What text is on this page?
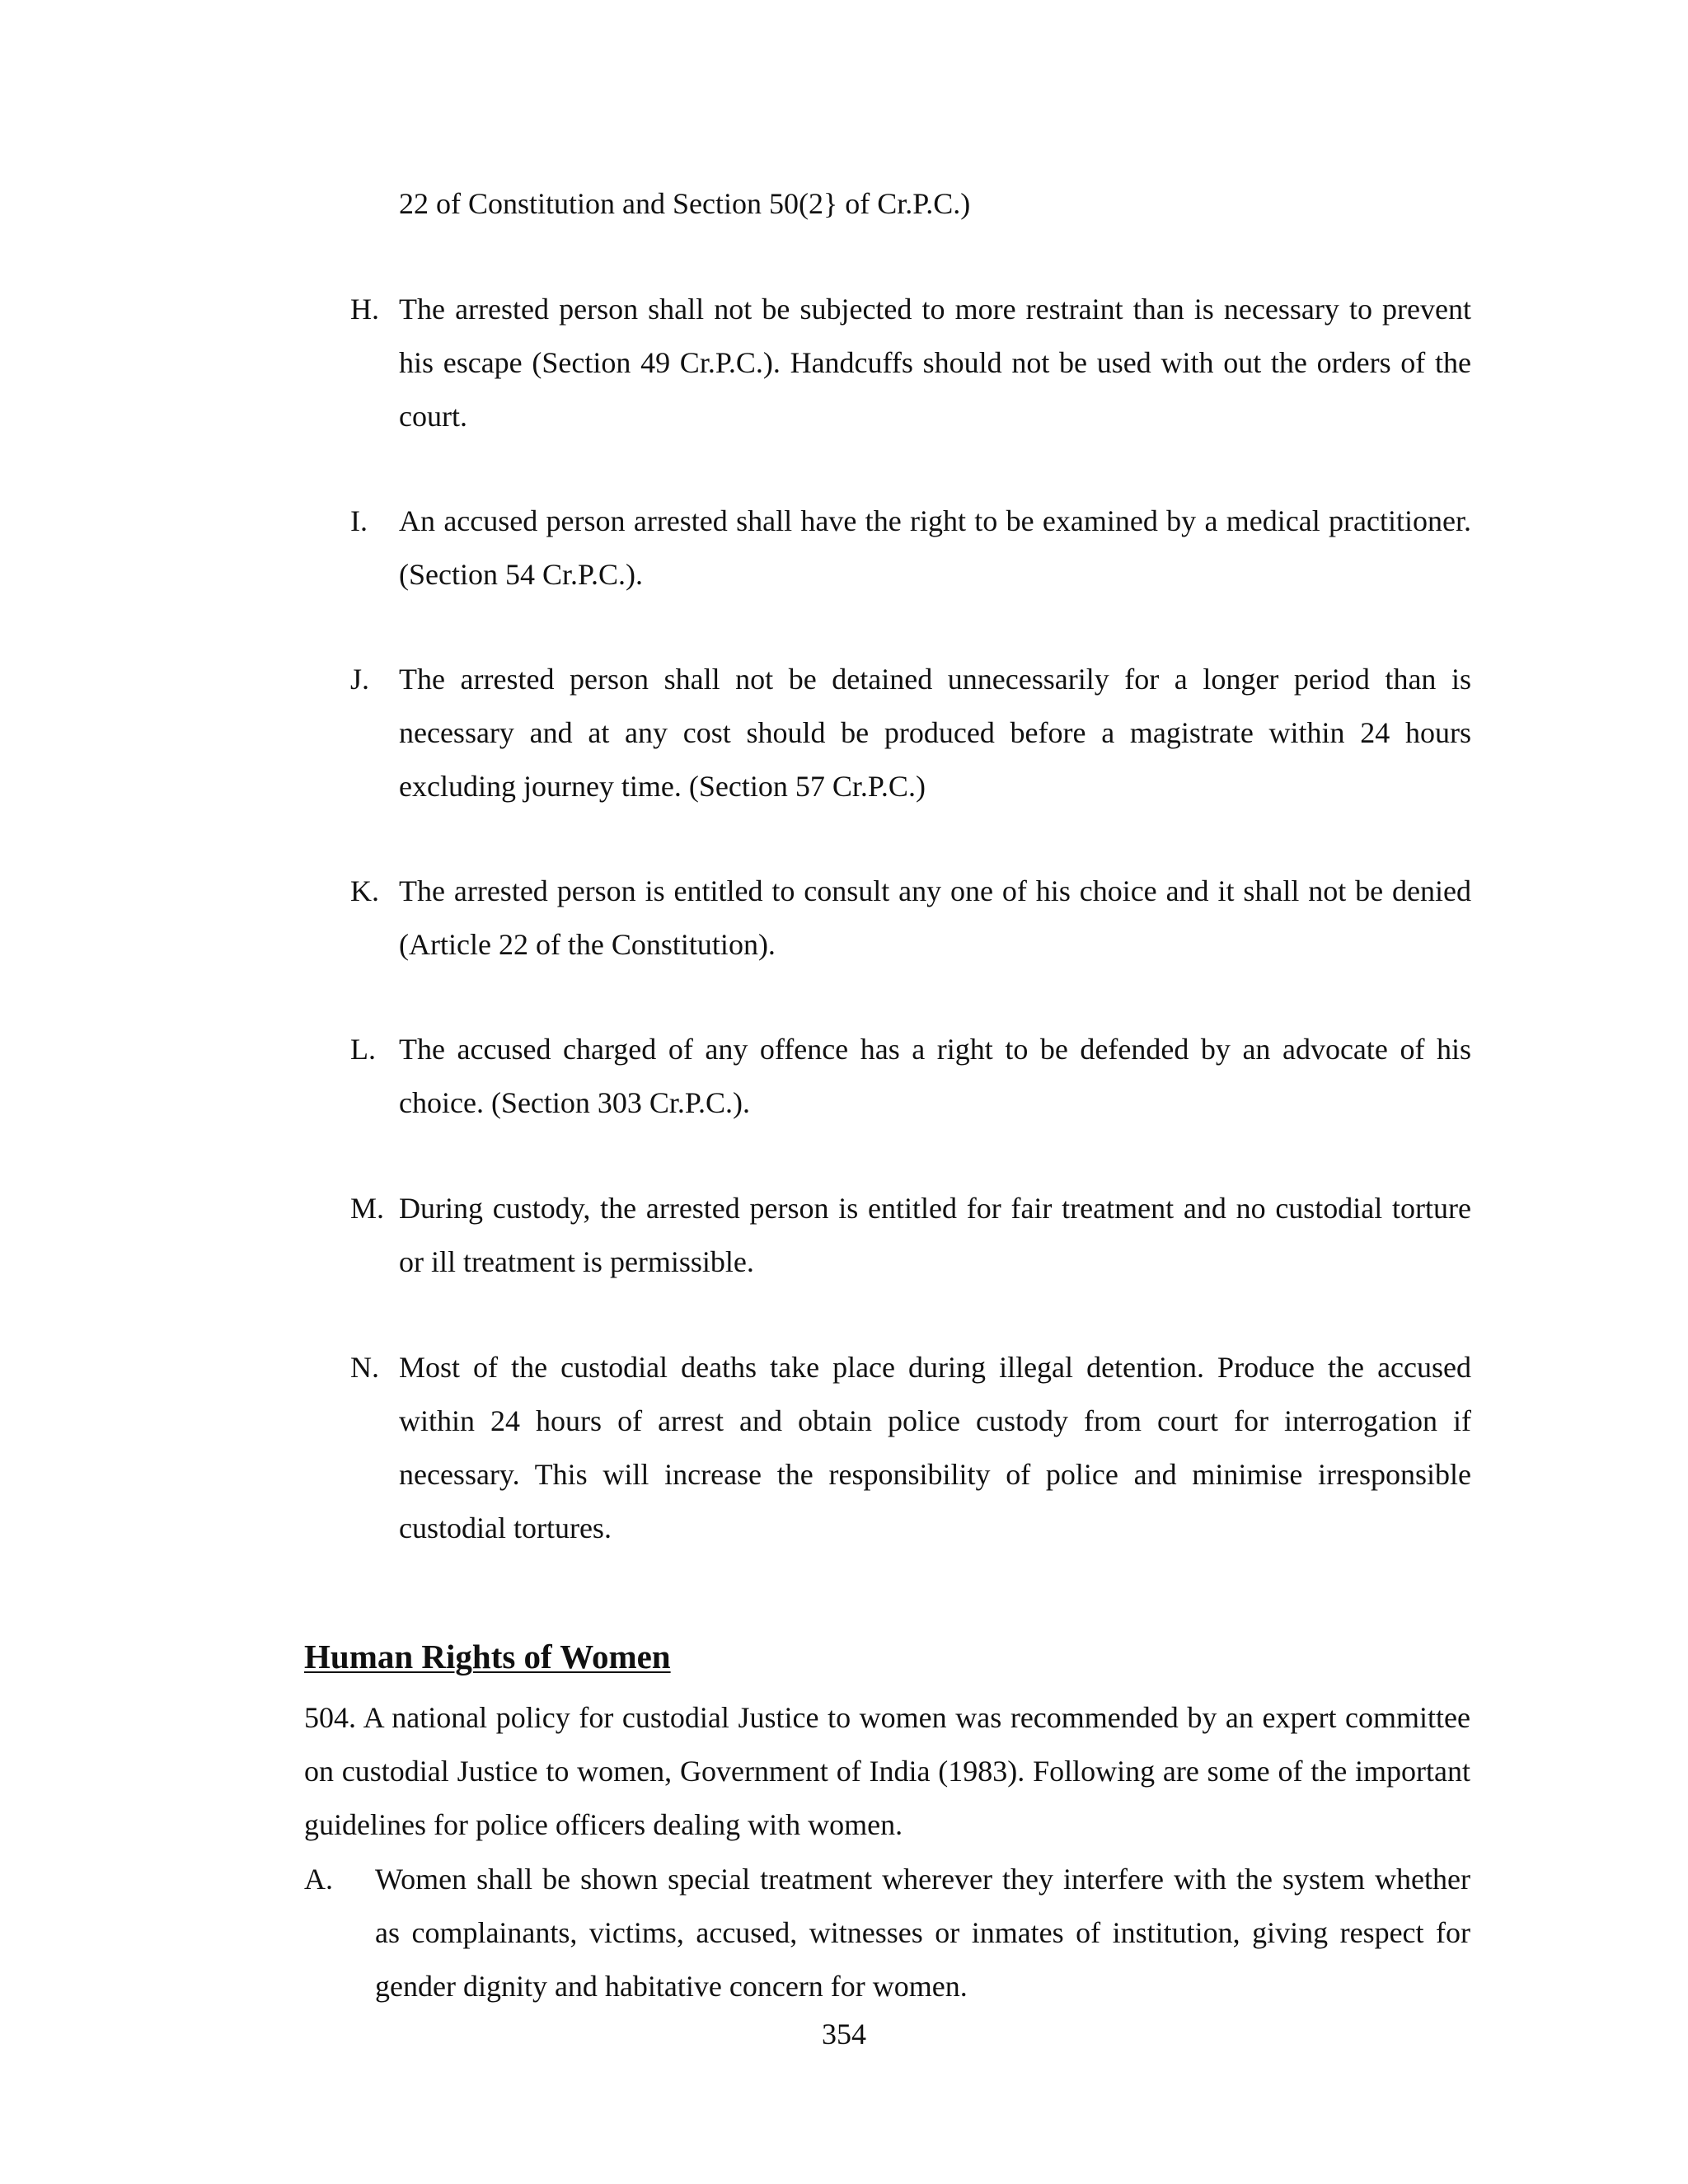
22 of Constitution and Section 50(2} of Cr.P.C.)
H. The arrested person shall not be subjected to more restraint than is necessary to prevent his escape (Section 49 Cr.P.C.). Handcuffs should not be used with out the orders of the court.
I.	An accused person arrested shall have the right to be examined by a medical practitioner. (Section 54 Cr.P.C.).
J. The arrested person shall not be detained unnecessarily for a longer period than is necessary and at any cost should be produced before a magistrate within 24 hours excluding journey time. (Section 57 Cr.P.C.)
K. The arrested person is entitled to consult any one of his choice and it shall not be denied (Article 22 of the Constitution).
L. The accused charged of any offence has a right to be defended by an advocate of his choice. (Section 303 Cr.P.C.).
M. During custody, the arrested person is entitled for fair treatment and no custodial torture or ill treatment is permissible.
N. Most of the custodial deaths take place during illegal detention. Produce the accused within 24 hours of arrest and obtain police custody from court for interrogation if necessary. This will increase the responsibility of police and minimise irresponsible custodial tortures.
Human Rights of Women
504. A national policy for custodial Justice to women was recommended by an expert committee on custodial Justice to women, Government of India (1983). Following are some of the important guidelines for police officers dealing with women.
A. Women shall be shown special treatment wherever they interfere with the system whether as complainants, victims, accused, witnesses or inmates of institution, giving respect for gender dignity and habitative concern for women.
354
